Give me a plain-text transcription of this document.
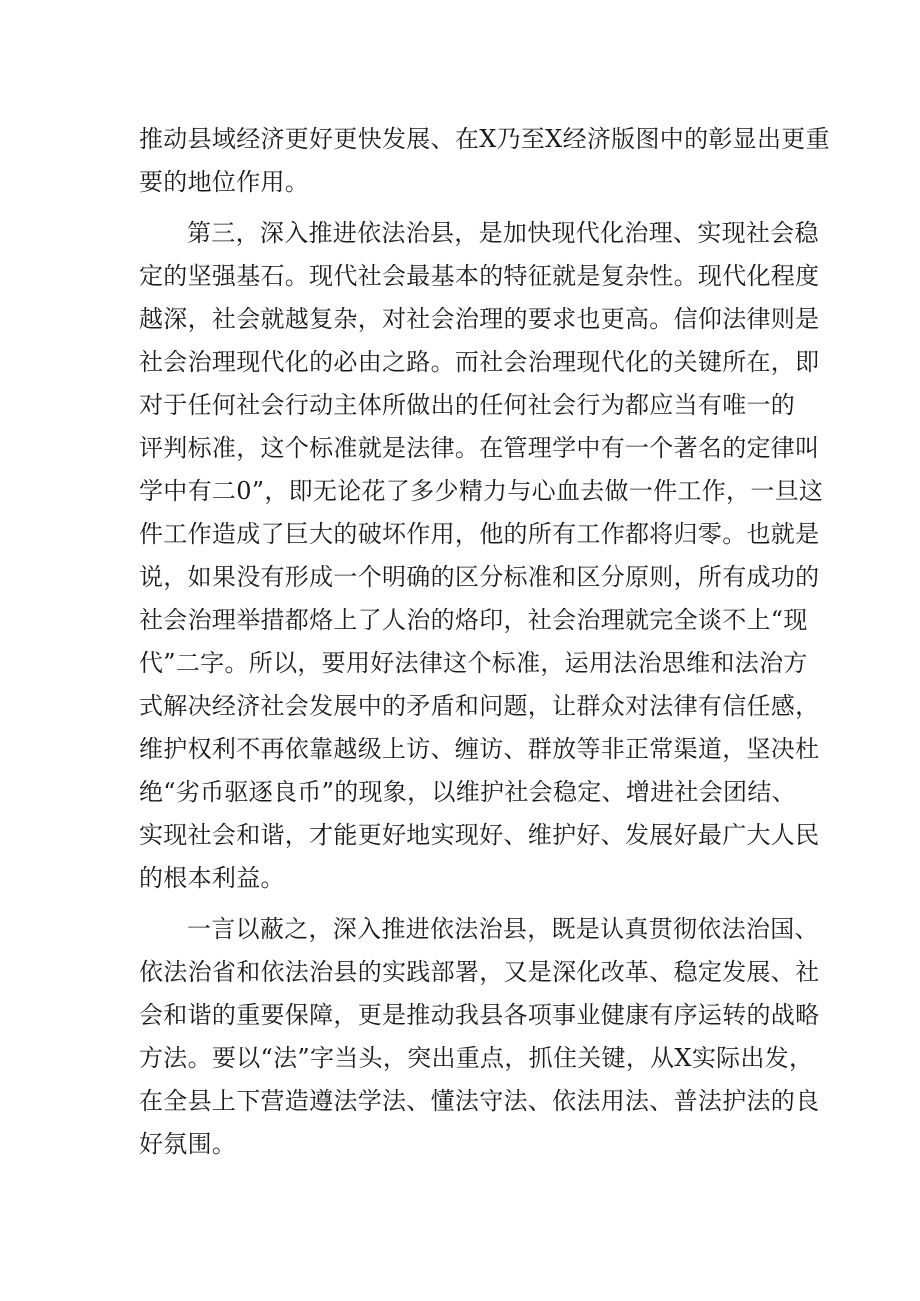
推动县域经济更好更快发展、在X乃至X经济版图中的彰显出更重
要的地位作用。
第三，深入推进依法治县，是加快现代化治理、实现社会稳
定的坚强基石。现代社会最基本的特征就是复杂性。现代化程度
越深，社会就越复杂，对社会治理的要求也更高。信仰法律则是
社会治理现代化的必由之路。而社会治理现代化的关键所在，即
对于任何社会行动主体所做出的任何社会行为都应当有唯一的
评判标准，这个标准就是法律。在管理学中有一个著名的定律叫
学中有二0”，即无论花了多少精力与心血去做一件工作，一旦这
件工作造成了巨大的破坏作用，他的所有工作都将归零。也就是
说，如果没有形成一个明确的区分标准和区分原则，所有成功的
社会治理举措都烙上了人治的烙印，社会治理就完全谈不上“现
代”二字。所以，要用好法律这个标准，运用法治思维和法治方
式解决经济社会发展中的矛盾和问题，让群众对法律有信任感，
维护权利不再依靠越级上访、缠访、群放等非正常渠道，坚决杜
绝“劣币驱逐良币”的现象，以维护社会稳定、增进社会团结、
实现社会和谐，才能更好地实现好、维护好、发展好最广大人民
的根本利益。
一言以蔽之，深入推进依法治县，既是认真贯彻依法治国、
依法治省和依法治县的实践部署，又是深化改革、稳定发展、社
会和谐的重要保障，更是推动我县各项事业健康有序运转的战略
方法。要以“法”字当头，突出重点，抓住关键，从X实际出发，
在全县上下营造遵法学法、懂法守法、依法用法、普法护法的良
好氛围。
